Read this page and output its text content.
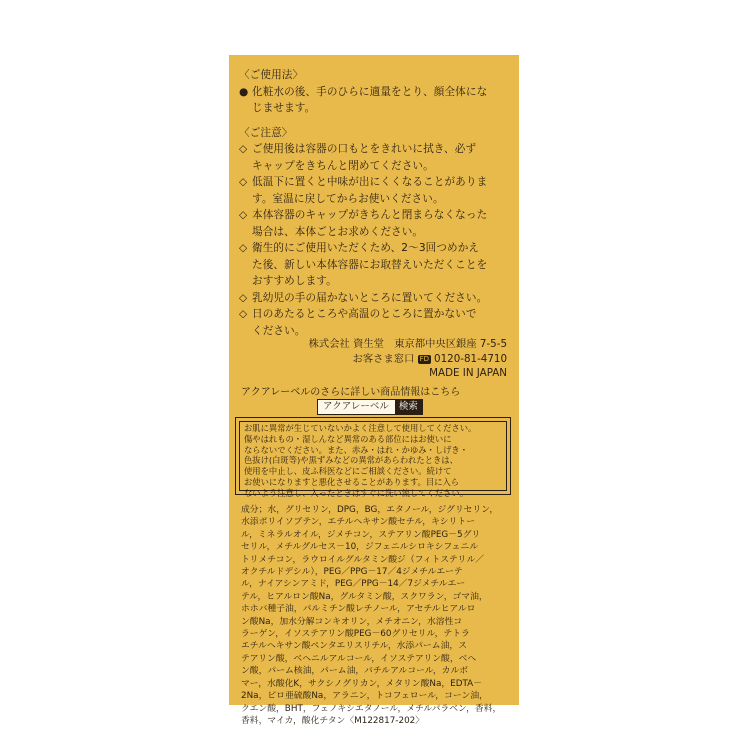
〈ご使用法〉
● 化粧水の後、手のひらに適量をとり、顔全体にな
じませます。
〈ご注意〉
◇ ご使用後は容器の口もとをきれいに拭き、必ず
キャップをきちんと閉めてください。
◇ 低温下に置くと中味が出にくくなることがありま
す。室温に戻してからお使いください。
◇ 本体容器のキャップがきちんと閉まらなくなった
場合は、本体ごとお求めください。
◇ 衛生的にご使用いただくため、2〜3回つめかえ
た後、新しい本体容器にお取替えいただくことを
おすすめします。
◇ 乳幼児の手の届かないところに置いてください。
◇ 日のあたるところや高温のところに置かないで
ください。
株式会社 資生堂　東京都中央区銀座 7-5-5
お客さま窓口 FD 0120-81-4710
MADE IN JAPAN
アクアレーベルのさらに詳しい商品情報はこちら
アクアレーベル	検索
お肌に異常が生じていないかよく注意して使用してください。
傷やはれもの・湿しんなど異常のある部位にはお使いに
ならないでください。また、赤み・はれ・かゆみ・しげき・
色抜け(白斑等)や黒ずみなどの異常があらわれたときは、
使用を中止し、皮ふ科医などにご相談ください。続けて
お使いになりますと悪化させることがあります。目に入ら
ないよう注意し、入ったときはすぐに洗い流してください。
成分；水，グリセリン，DPG，BG，エタノール，ジグリセリン，
水添ポリイソブテン，エチルヘキサン酸セチル，キシリトー
ル，ミネラルオイル，ジメチコン，ステアリン酸PEG－5グリ
セリル，メチルグルセス－10，ジフェニルシロキシフェニル
トリメチコン，ラウロイルグルタミン酸ジ（フィトステリル／
オクチルドデシル），PEG／PPG－17／4ジメチルエーテ
ル，ナイアシンアミド，PEG／PPG－14／7ジメチルエー
テル，ヒアルロン酸Na，グルタミン酸，スクワラン，ゴマ油，
ホホバ種子油，パルミチン酸レチノール，アセチルヒアルロ
ン酸Na，加水分解コンキオリン，メチオニン，水溶性コ
ラーゲン，イソステアリン酸PEG－60グリセリル，テトラ
エチルヘキサン酸ペンタエリスリチル，水添パーム油，ス
テアリン酸，ベヘニルアルコール，イソステアリン酸，ベヘ
ン酸，パーム核油，パーム油，バチルアルコール，カルボ
マー，水酸化K，サクシノグリカン，メタリン酸Na，EDTA－
2Na，ピロ亜硫酸Na，アラニン，トコフェロール，コーン油，
クエン酸，BHT，フェノキシエタノール，メチルパラベン，香料，
香料，マイカ，酸化チタン〈M122817-202〉
